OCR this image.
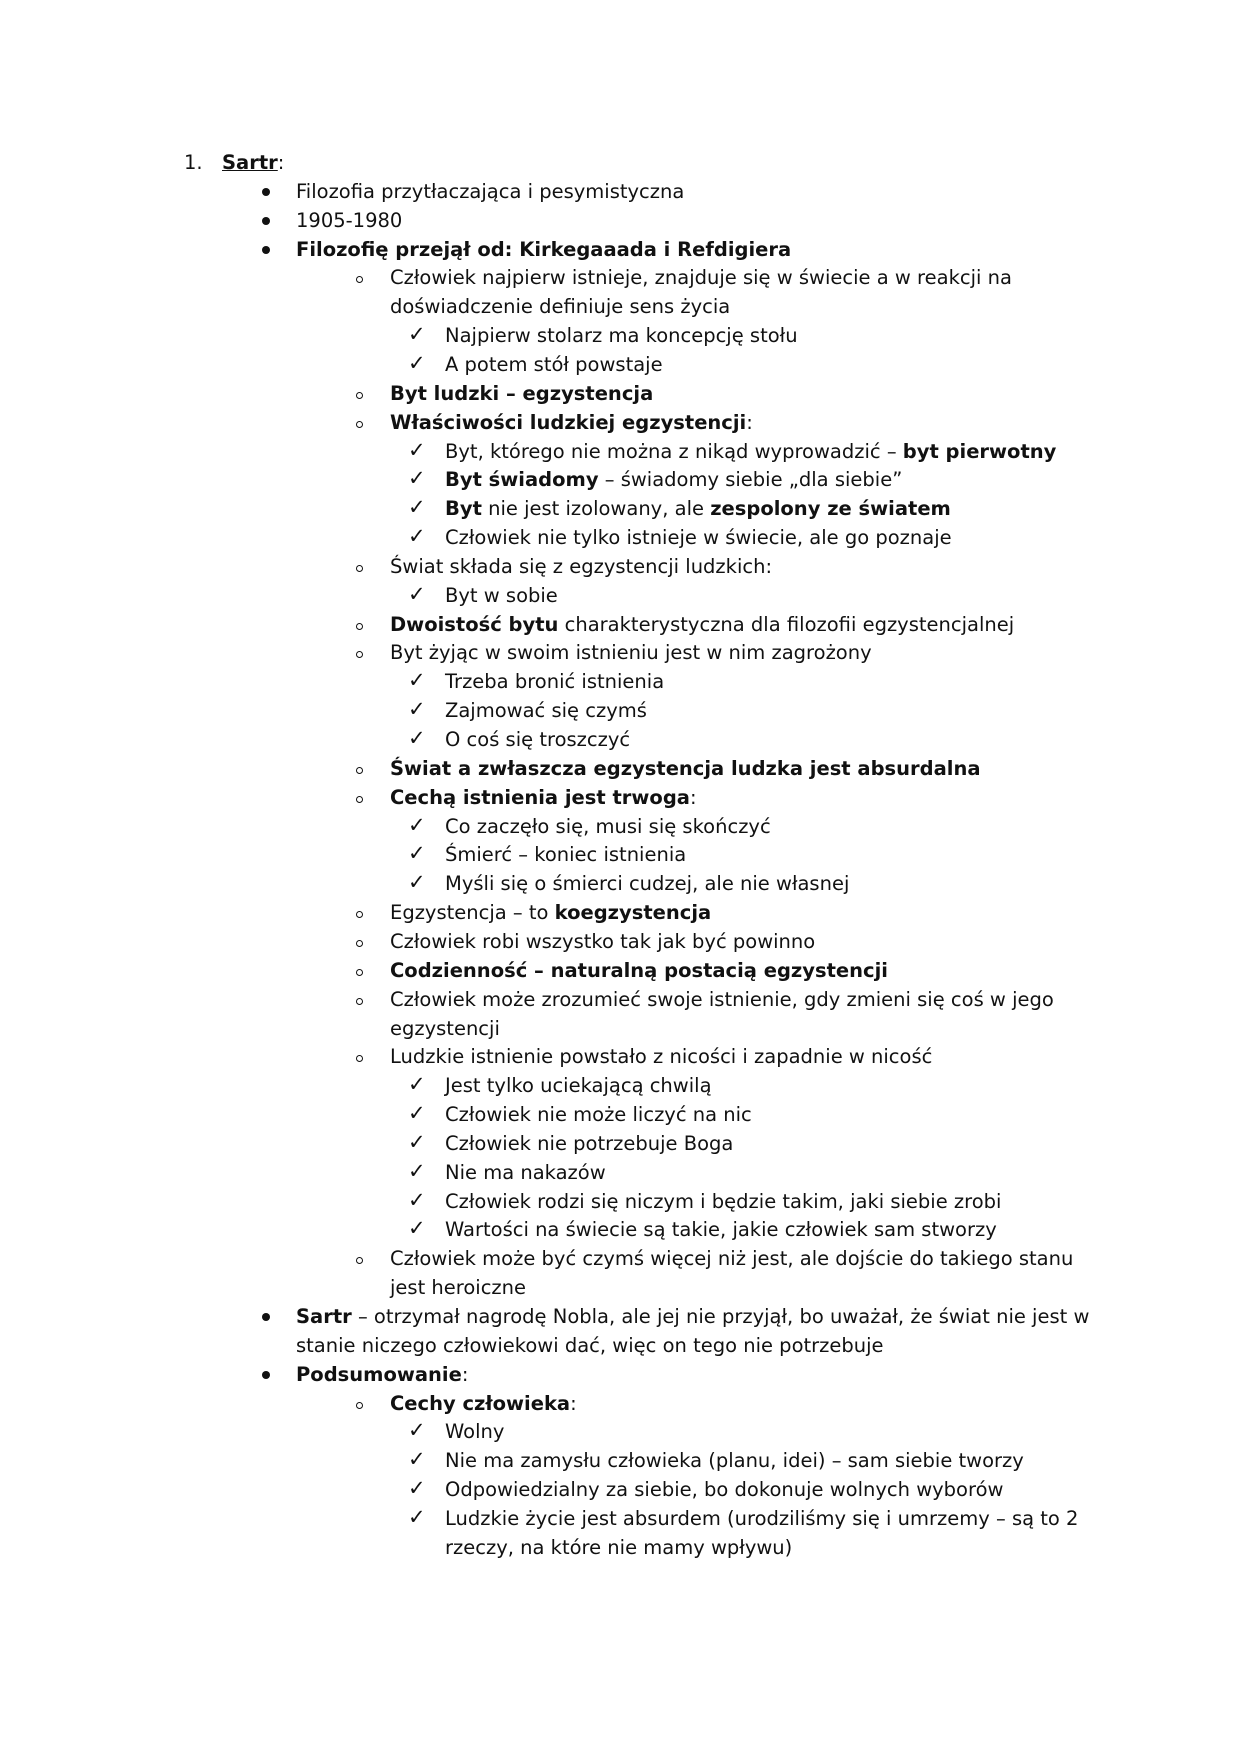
1. Sartr:
Filozofia przytłaczająca i pesymistyczna
1905-1980
Filozofię przejął od: Kirkegaaada i Refdigiera
Człowiek najpierw istnieje, znajduje się w świecie a w reakcji na
doświadczenie definiuje sens życia
✓ Najpierw stolarz ma koncepcję stołu
✓ A potem stół powstaje
Byt ludzki – egzystencja
Właściwości ludzkiej egzystencji:
✓ Byt, którego nie można z nikąd wyprowadzić – byt pierwotny
✓ Byt świadomy – świadomy siebie „dla siebie”
✓ Byt nie jest izolowany, ale zespolony ze światem
✓ Człowiek nie tylko istnieje w świecie, ale go poznaje
Świat składa się z egzystencji ludzkich:
✓ Byt w sobie
Dwoistość bytu charakterystyczna dla filozofii egzystencjalnej
Byt żyjąc w swoim istnieniu jest w nim zagrożony
✓ Trzeba bronić istnienia
✓ Zajmować się czymś
✓ O coś się troszczyć
Świat a zwłaszcza egzystencja ludzka jest absurdalna
Cechą istnienia jest trwoga:
✓ Co zaczęło się, musi się skończyć
✓ Śmierć – koniec istnienia
✓ Myśli się o śmierci cudzej, ale nie własnej
Egzystencja – to koegzystencja
Człowiek robi wszystko tak jak być powinno
Codzienność – naturalną postacią egzystencji
Człowiek może zrozumieć swoje istnienie, gdy zmieni się coś w jego
egzystencji
Ludzkie istnienie powstało z nicości i zapadnie w nicość
✓ Jest tylko uciekającą chwilą
✓ Człowiek nie może liczyć na nic
✓ Człowiek nie potrzebuje Boga
✓ Nie ma nakazów
✓ Człowiek rodzi się niczym i będzie takim, jaki siebie zrobi
✓ Wartości na świecie są takie, jakie człowiek sam stworzy
Człowiek może być czymś więcej niż jest, ale dojście do takiego stanu
jest heroiczne
Sartr – otrzymał nagrodę Nobla, ale jej nie przyjął, bo uważał, że świat nie jest w
stanie niczego człowiekowi dać, więc on tego nie potrzebuje
Podsumowanie:
Cechy człowieka:
✓ Wolny
✓ Nie ma zamysłu człowieka (planu, idei) – sam siebie tworzy
✓ Odpowiedzialny za siebie, bo dokonuje wolnych wyborów
✓ Ludzkie życie jest absurdem (urodziliśmy się i umrzemy – są to 2
rzeczy, na które nie mamy wpływu)
